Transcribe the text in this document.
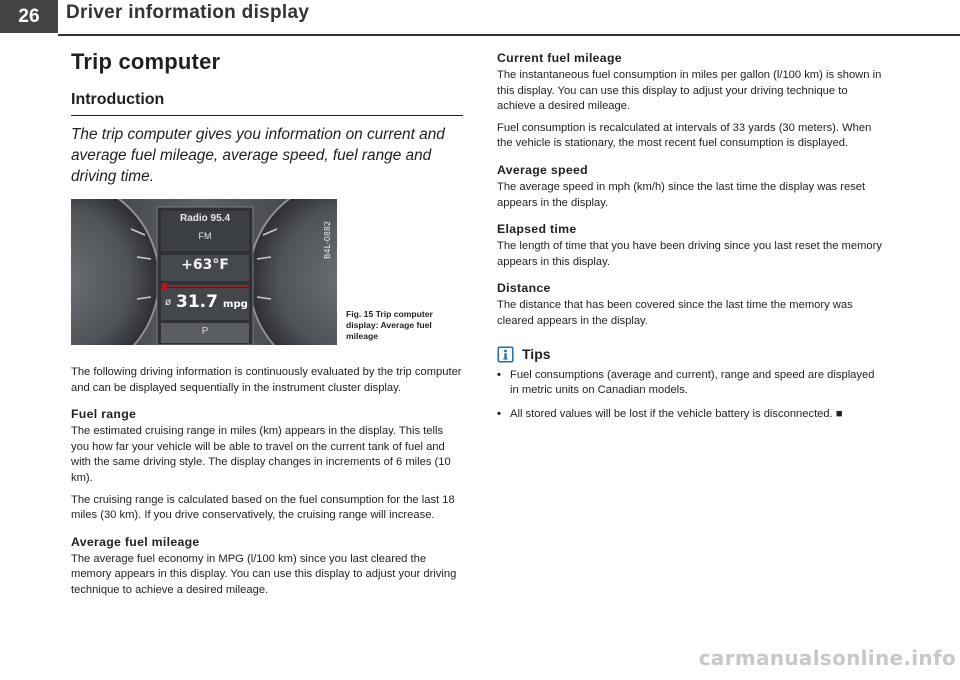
26	Driver information display
Trip computer
Introduction

The trip computer gives you information on current and average fuel mileage, average speed, fuel range and driving time.

Radio 95.4
FM
+63°F
ø 31.7 mpg
P
B4L-0882
Fig. 15 Trip computer display: Average fuel mileage

The following driving information is continuously evaluated by the trip computer and can be displayed sequentially in the instrument cluster display.

Fuel range

The estimated cruising range in miles (km) appears in the display. This tells you how far your vehicle will be able to travel on the current tank of fuel and with the same driving style. The display changes in increments of 6 miles (10 km).

The cruising range is calculated based on the fuel consumption for the last 18 miles (30 km). If you drive conservatively, the cruising range will increase.

Average fuel mileage

The average fuel economy in MPG (l/100 km) since you last cleared the memory appears in this display. You can use this display to adjust your driving technique to achieve a desired mileage.

Current fuel mileage

The instantaneous fuel consumption in miles per gallon (l/100 km) is shown in this display. You can use this display to adjust your driving technique to achieve a desired mileage.

Fuel consumption is recalculated at intervals of 33 yards (30 meters). When the vehicle is stationary, the most recent fuel consumption is displayed.

Average speed

The average speed in mph (km/h) since the last time the display was reset appears in the display.

Elapsed time

The length of time that you have been driving since you last reset the memory appears in this display.

Distance

The distance that has been covered since the last time the memory was cleared appears in the display.

Tips
• Fuel consumptions (average and current), range and speed are displayed in metric units on Canadian models.
• All stored values will be lost if the vehicle battery is disconnected. ■
carmanualsonline.info
